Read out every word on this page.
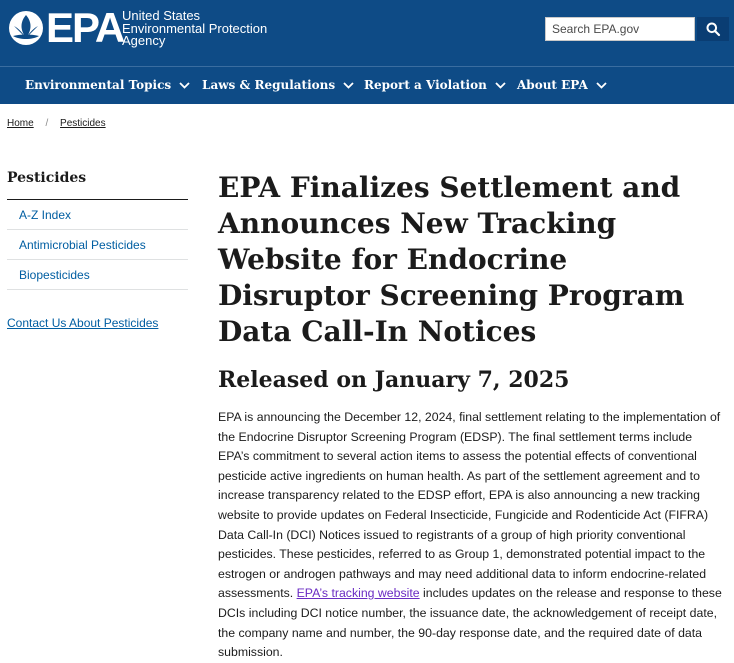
EPA
United States
Environmental Protection
Agency
Search EPA.gov
Environmental Topics	Laws & Regulations	Report a Violation	About EPA
Home / Pesticides
Pesticides
A-Z Index
Antimicrobial Pesticides
Biopesticides
Contact Us About Pesticides
EPA Finalizes Settlement and Announces New Tracking Website for Endocrine Disruptor Screening Program Data Call-In Notices
Released on January 7, 2025

EPA is announcing the December 12, 2024, final settlement relating to the implementation of the Endocrine Disruptor Screening Program (EDSP). The final settlement terms include EPA’s commitment to several action items to assess the potential effects of conventional pesticide active ingredients on human health. As part of the settlement agreement and to increase transparency related to the EDSP effort, EPA is also announcing a new tracking website to provide updates on Federal Insecticide, Fungicide and Rodenticide Act (FIFRA) Data Call-In (DCI) Notices issued to registrants of a group of high priority conventional pesticides. These pesticides, referred to as Group 1, demonstrated potential impact to the estrogen or androgen pathways and may need additional data to inform endocrine-related assessments. EPA’s tracking website includes updates on the release and response to these DCIs including DCI notice number, the issuance date, the acknowledgement of receipt date, the company name and number, the 90-day response date, and the required date of data submission.
